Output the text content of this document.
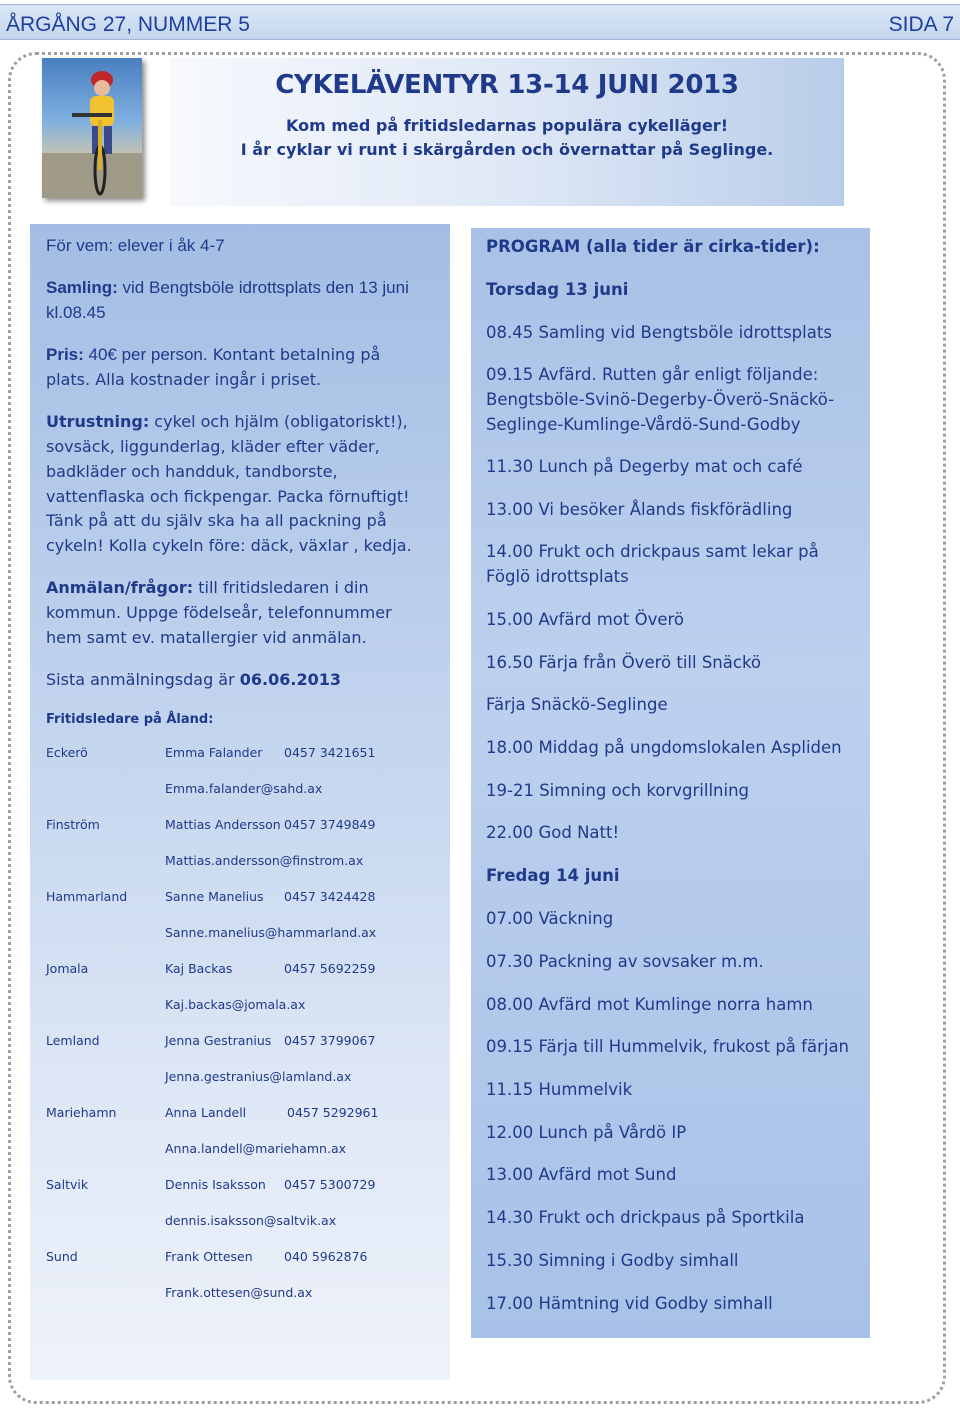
ÅRGÅNG 27, NUMMER 5	SIDA 7
CYKELÄVENTYR 13-14 JUNI 2013

Kom med på fritidsledarnas populära cykelläger!

I år cyklar vi runt i skärgården och övernattar på Seglinge.

För vem: elever i åk 4-7
Samling: vid Bengtsböle idrottsplats den 13 juni
kl.08.45
Pris: 40€ per person. Kontant betalning på
plats. Alla kostnader ingår i priset.
Utrustning: cykel och hjälm (obligatoriskt!),
sovsäck, liggunderlag, kläder efter väder,
badkläder och handduk, tandborste,
vattenflaska och fickpengar. Packa förnuftigt!
Tänk på att du själv ska ha all packning på
cykeln! Kolla cykeln före: däck, växlar , kedja.
Anmälan/frågor: till fritidsledaren i din
kommun. Uppge födelseår, telefonnummer
hem samt ev. matallergier vid anmälan.
Sista anmälningsdag är 06.06.2013
Fritidsledare på Åland:
Eckerö	Emma Falander 0457 3421651
Emma.falander@sahd.ax
Finström	Mattias Andersson 0457 3749849
Mattias.andersson@finstrom.ax
Hammarland	Sanne Manelius 0457 3424428
Sanne.manelius@hammarland.ax
Jomala	Kaj Backas	0457 5692259
Kaj.backas@jomala.ax
Lemland	Jenna Gestranius 0457 3799067
Jenna.gestranius@lamland.ax
Mariehamn	Anna Landell	0457 5292961
Anna.landell@mariehamn.ax
Saltvik	Dennis Isaksson 0457 5300729
dennis.isaksson@saltvik.ax
Sund	Frank Ottesen	040 5962876
Frank.ottesen@sund.ax
PROGRAM (alla tider är cirka-tider):
Torsdag 13 juni
08.45 Samling vid Bengtsböle idrottsplats
09.15 Avfärd. Rutten går enligt följande:
Bengtsböle-Svinö-Degerby-Överö-Snäckö-
Seglinge-Kumlinge-Vårdö-Sund-Godby
11.30 Lunch på Degerby mat och café
13.00 Vi besöker Ålands fiskförädling
14.00 Frukt och drickpaus samt lekar på
Föglö idrottsplats
15.00 Avfärd mot Överö
16.50 Färja från Överö till Snäckö
Färja Snäckö-Seglinge
18.00 Middag på ungdomslokalen Aspliden
19-21 Simning och korvgrillning
22.00 God Natt!
Fredag 14 juni
07.00 Väckning
07.30 Packning av sovsaker m.m.
08.00 Avfärd mot Kumlinge norra hamn
09.15 Färja till Hummelvik, frukost på färjan
11.15 Hummelvik
12.00 Lunch på Vårdö IP
13.00 Avfärd mot Sund
14.30 Frukt och drickpaus på Sportkila
15.30 Simning i Godby simhall
17.00 Hämtning vid Godby simhall
